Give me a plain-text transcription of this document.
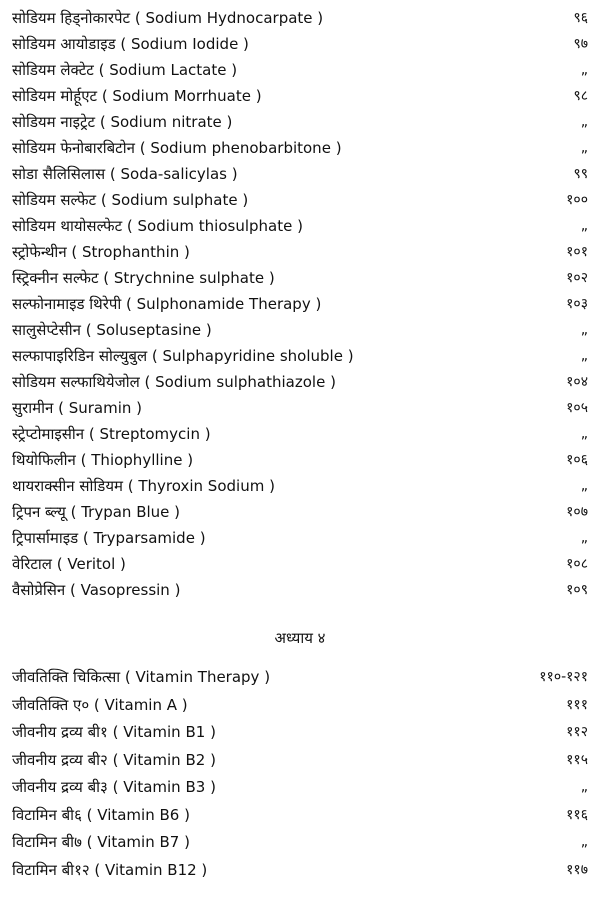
सोडियम हिड्नोकारपेट ( Sodium Hydnocarpate )	९६
सोडियम आयोडाइड ( Sodium Iodide )	९७
सोडियम लेक्टेट ( Sodium Lactate )	„
सोडियम मोर्हूएट ( Sodium Morrhuate )	९८
सोडियम नाइट्रेट ( Sodium nitrate )	„
सोडियम फेनोबारबिटोन ( Sodium phenobarbitone )	„
सोडा सैलिसिलास ( Soda-salicylas )	९९
सोडियम सल्फेट ( Sodium sulphate )	१००
सोडियम थायोसल्फेट ( Sodium thiosulphate )	„
स्ट्रोफेन्थीन ( Strophanthin )	१०१
स्ट्रिक्नीन सल्फेट ( Strychnine sulphate )	१०२
सल्फोनामाइड थिरेपी ( Sulphonamide Therapy )	१०३
सालुसेप्टेसीन ( Soluseptasine )	„
सल्फापाइरिडिन सोल्युबुल ( Sulphapyridine sholuble )	„
सोडियम सल्फाथियेजोल ( Sodium sulphathiazole )	१०४
सुरामीन ( Suramin )	१०५
स्ट्रेप्टोमाइसीन ( Streptomycin )	„
थियोफिलीन ( Thiophylline )	१०६
थायराक्सीन सोडियम ( Thyroxin Sodium )	„
ट्रिपन ब्ल्यू ( Trypan Blue )	१०७
ट्रिपार्सामाइड ( Tryparsamide )	„
वेरिटाल ( Veritol )	१०८
वैसोप्रेसिन ( Vasopressin )	१०९
अध्याय ४
जीवतिक्ति चिकित्सा ( Vitamin Therapy )	११०-१२१
जीवतिक्ति ए० ( Vitamin A )	१११
जीवनीय द्रव्य बी१ ( Vitamin B1 )	११२
जीवनीय द्रव्य बी२ ( Vitamin B2 )	११५
जीवनीय द्रव्य बी३ ( Vitamin B3 )	„
विटामिन बी६ ( Vitamin B6 )	११६
विटामिन बी७ ( Vitamin B7 )	„
विटामिन बी१२ ( Vitamin B12 )	११७
